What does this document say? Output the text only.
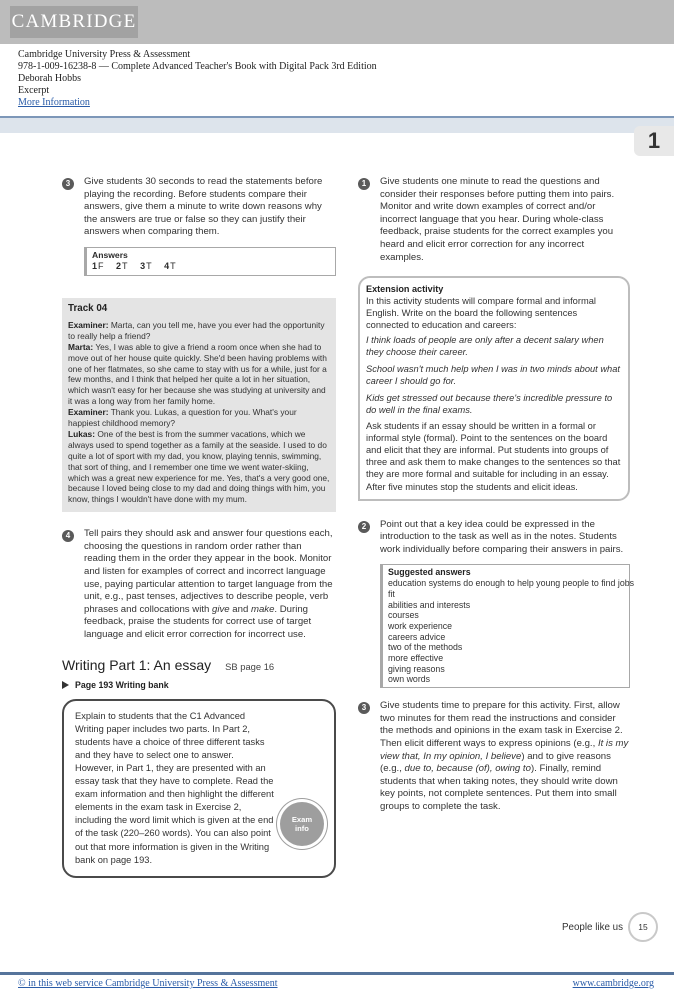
CAMBRIDGE
Cambridge University Press & Assessment
978-1-009-16238-8 — Complete Advanced Teacher's Book with Digital Pack 3rd Edition
Deborah Hobbs
Excerpt
More Information
1
3	Give students 30 seconds to read the statements before playing the recording. Before students compare their answers, give them a minute to write down reasons why the answers are true or false so they can justify their answers when comparing them.

Answers
1F 2T 3T 4T
Track 04

Examiner: Marta, can you tell me, have you ever had the opportunity to really help a friend?

Marta: Yes, I was able to give a friend a room once when she had to move out of her house quite quickly. She'd been having problems with one of her flatmates, so she came to stay with us for a while, just for a few months, and I think that helped her quite a lot in her situation, which wasn't easy for her because she was studying at university and it was a long way from her family home.

Examiner: Thank you. Lukas, a question for you. What's your happiest childhood memory?

Lukas: One of the best is from the summer vacations, which we always used to spend together as a family at the seaside. I used to do quite a lot of sport with my dad, you know, playing tennis, swimming, that sort of thing, and I remember one time we went water-skiing, which was a great new experience for me. Yes, that's a very good one, because I loved being close to my dad and doing things with him, you know, things I wouldn't have done with my mum.

4	Tell pairs they should ask and answer four questions each, choosing the questions in random order rather than reading them in the order they appear in the book. Monitor and listen for examples of correct and incorrect language use, paying particular attention to target language from the unit, e.g., past tenses, adjectives to describe people, verb phrases and collocations with give and make. During feedback, praise the students for correct use of target language and elicit error correction for incorrect use.

Writing Part 1: An essay SB page 16
Page 193 Writing bank

Explain to students that the C1 Advanced Writing paper includes two parts. In Part 2, students have a choice of three different tasks and they have to select one to answer. However, in Part 1, they are presented with an essay task that they have to complete. Read the exam information and then highlight the different elements in the exam task in Exercise 2, including the word limit which is given at the end of the task (220–260 words). You can also point out that more information is given in the Writing bank on page 193.

Exam
info
1	Give students one minute to read the questions and consider their responses before putting them into pairs. Monitor and write down examples of correct and/or incorrect language that you hear. During whole-class feedback, praise students for the correct examples you heard and elicit error correction for any incorrect examples.

Extension activity

In this activity students will compare formal and informal English. Write on the board the following sentences connected to education and careers:

I think loads of people are only after a decent salary when they choose their career.

School wasn't much help when I was in two minds about what career I should go for.

Kids get stressed out because there's incredible pressure to do well in the final exams.

Ask students if an essay should be written in a formal or informal style (formal). Point to the sentences on the board and elicit that they are informal. Put students into groups of three and ask them to make changes to the sentences so that they are more formal and suitable for including in an essay. After five minutes stop the students and elicit ideas.

2	Point out that a key idea could be expressed in the introduction to the task as well as in the notes. Students work individually before comparing their answers in pairs.

Suggested answers
education systems do enough to help young people to find jobs
fit
abilities and interests
courses
work experience
careers advice
two of the methods
more effective
giving reasons
own words
3	Give students time to prepare for this activity. First, allow two minutes for them read the instructions and consider the methods and opinions in the exam task in Exercise 2. Then elicit different ways to express opinions (e.g., It is my view that, In my opinion, I believe) and to give reasons (e.g., due to, because (of), owing to). Finally, remind students that when taking notes, they should write down key points, not complete sentences. Put them into small groups to complete the task.

People like us	15
© in this web service Cambridge University Press & Assessment	www.cambridge.org
